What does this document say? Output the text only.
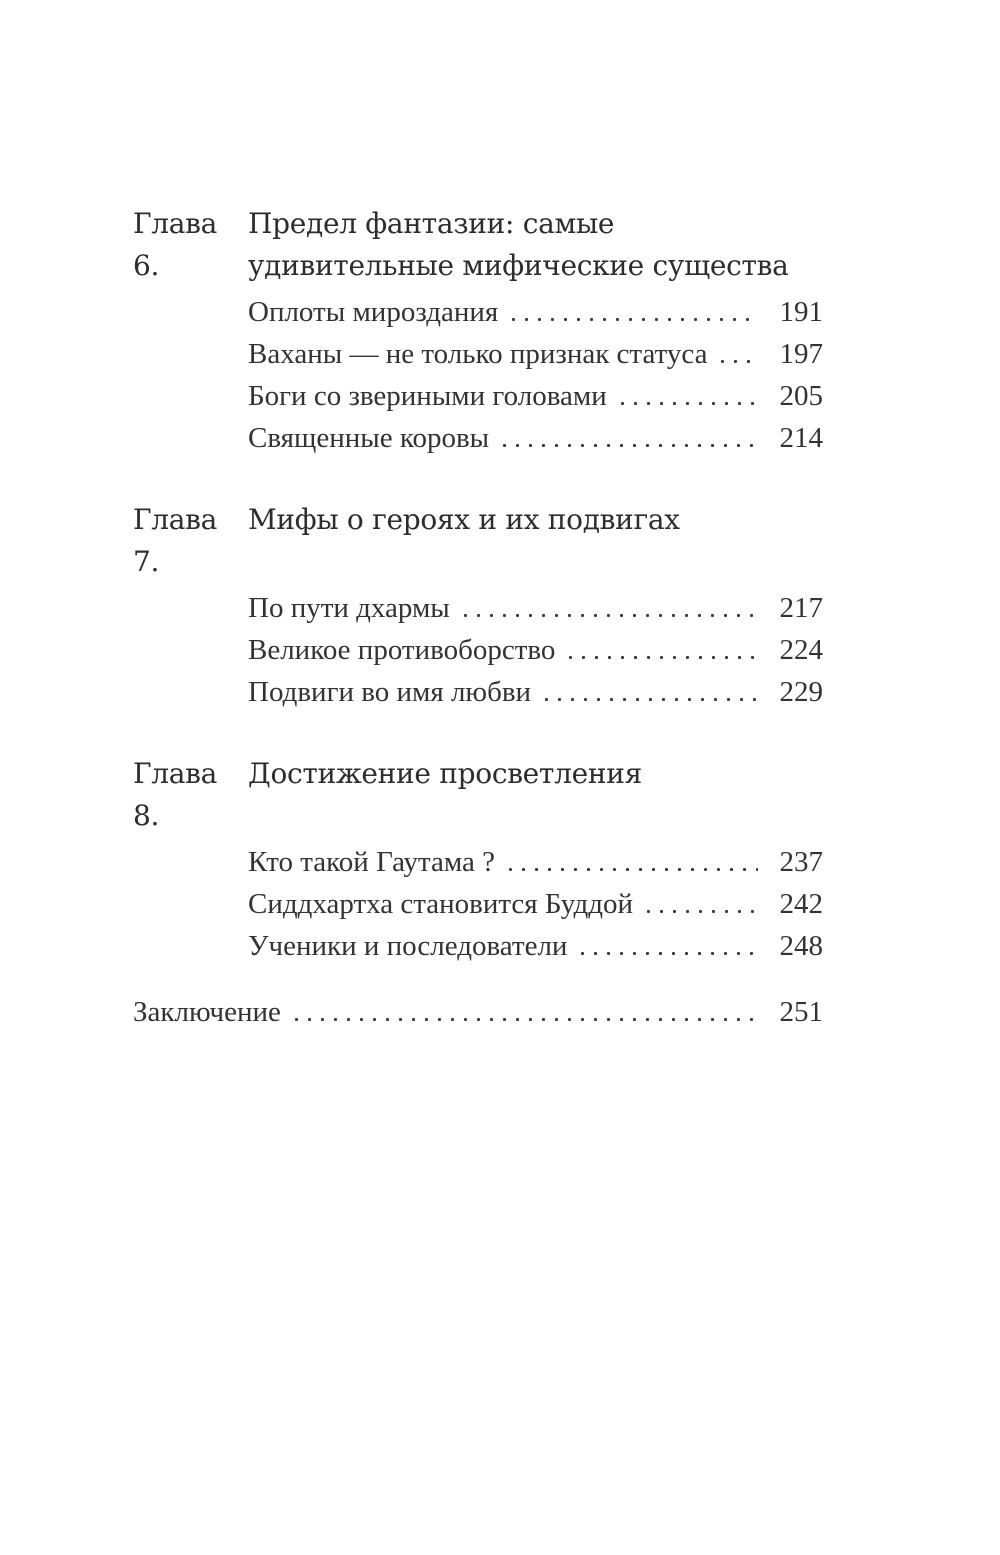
Глава 6.
Предел фантазии: самые удивительные мифические существа
Оплоты мироздания	191
Ваханы — не только признак статуса	197
Боги со звериными головами	205
Священные коровы	214
Глава 7.
Мифы о героях и их подвигах
По пути дхармы	217
Великое противоборство	224
Подвиги во имя любви	229
Глава 8.
Достижение просветления
Кто такой Гаутама ?	237
Сиддхартха становится Буддой	242
Ученики и последователи	248
Заключение	251
